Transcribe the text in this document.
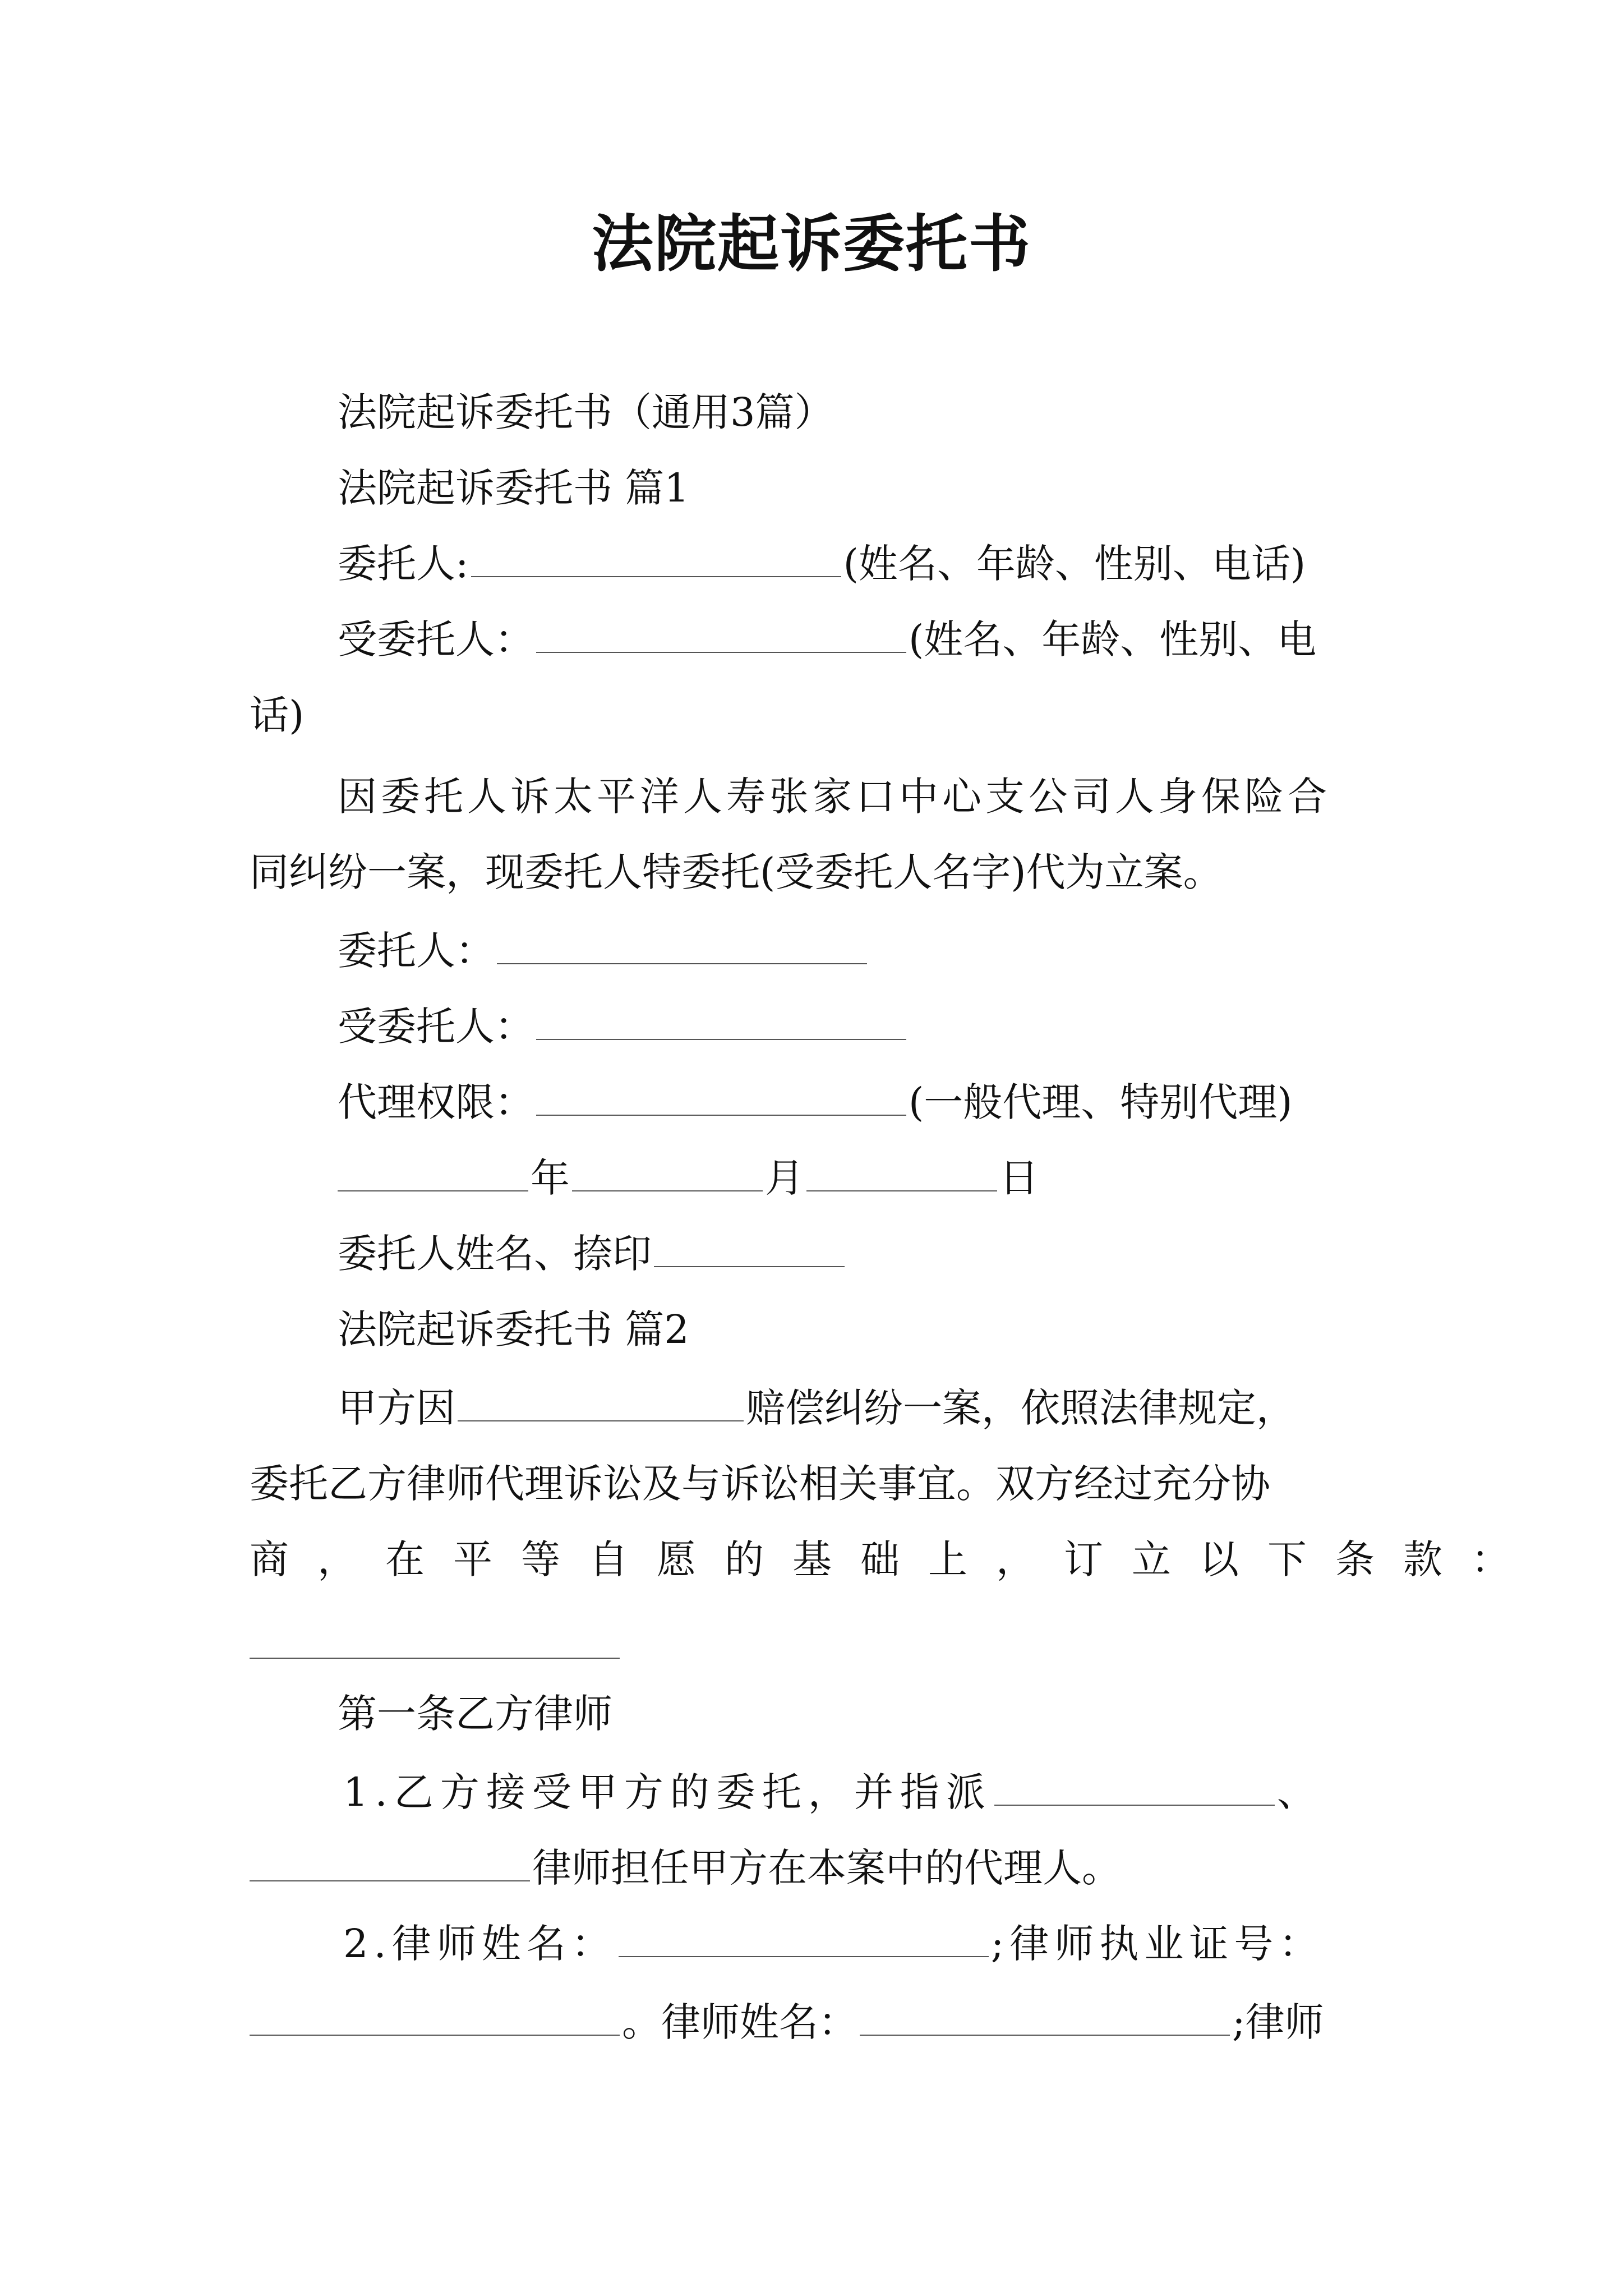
法院起诉委托书
法院起诉委托书（通用3篇）
法院起诉委托书 篇1
委托人:	(姓名、年龄、性别、电话)
受委托人：	(姓名、年龄、性别、电
话)
因委托人诉太平洋人寿张家口中心支公司人身保险合
同纠纷一案，现委托人特委托(受委托人名字)代为立案。
委托人：
受委托人：
代理权限：	(一般代理、特别代理)
年	月	日
委托人姓名、捺印
法院起诉委托书 篇2
甲方因	赔偿纠纷一案，依照法律规定，
委托乙方律师代理诉讼及与诉讼相关事宜。双方经过充分协
商，在平等自愿的基础上，订立以下条款：
第一条乙方律师
1.乙方接受甲方的委托，并指派	、
律师担任甲方在本案中的代理人。
2.律师姓名：	;律师执业证号：
。律师姓名：	;律师
